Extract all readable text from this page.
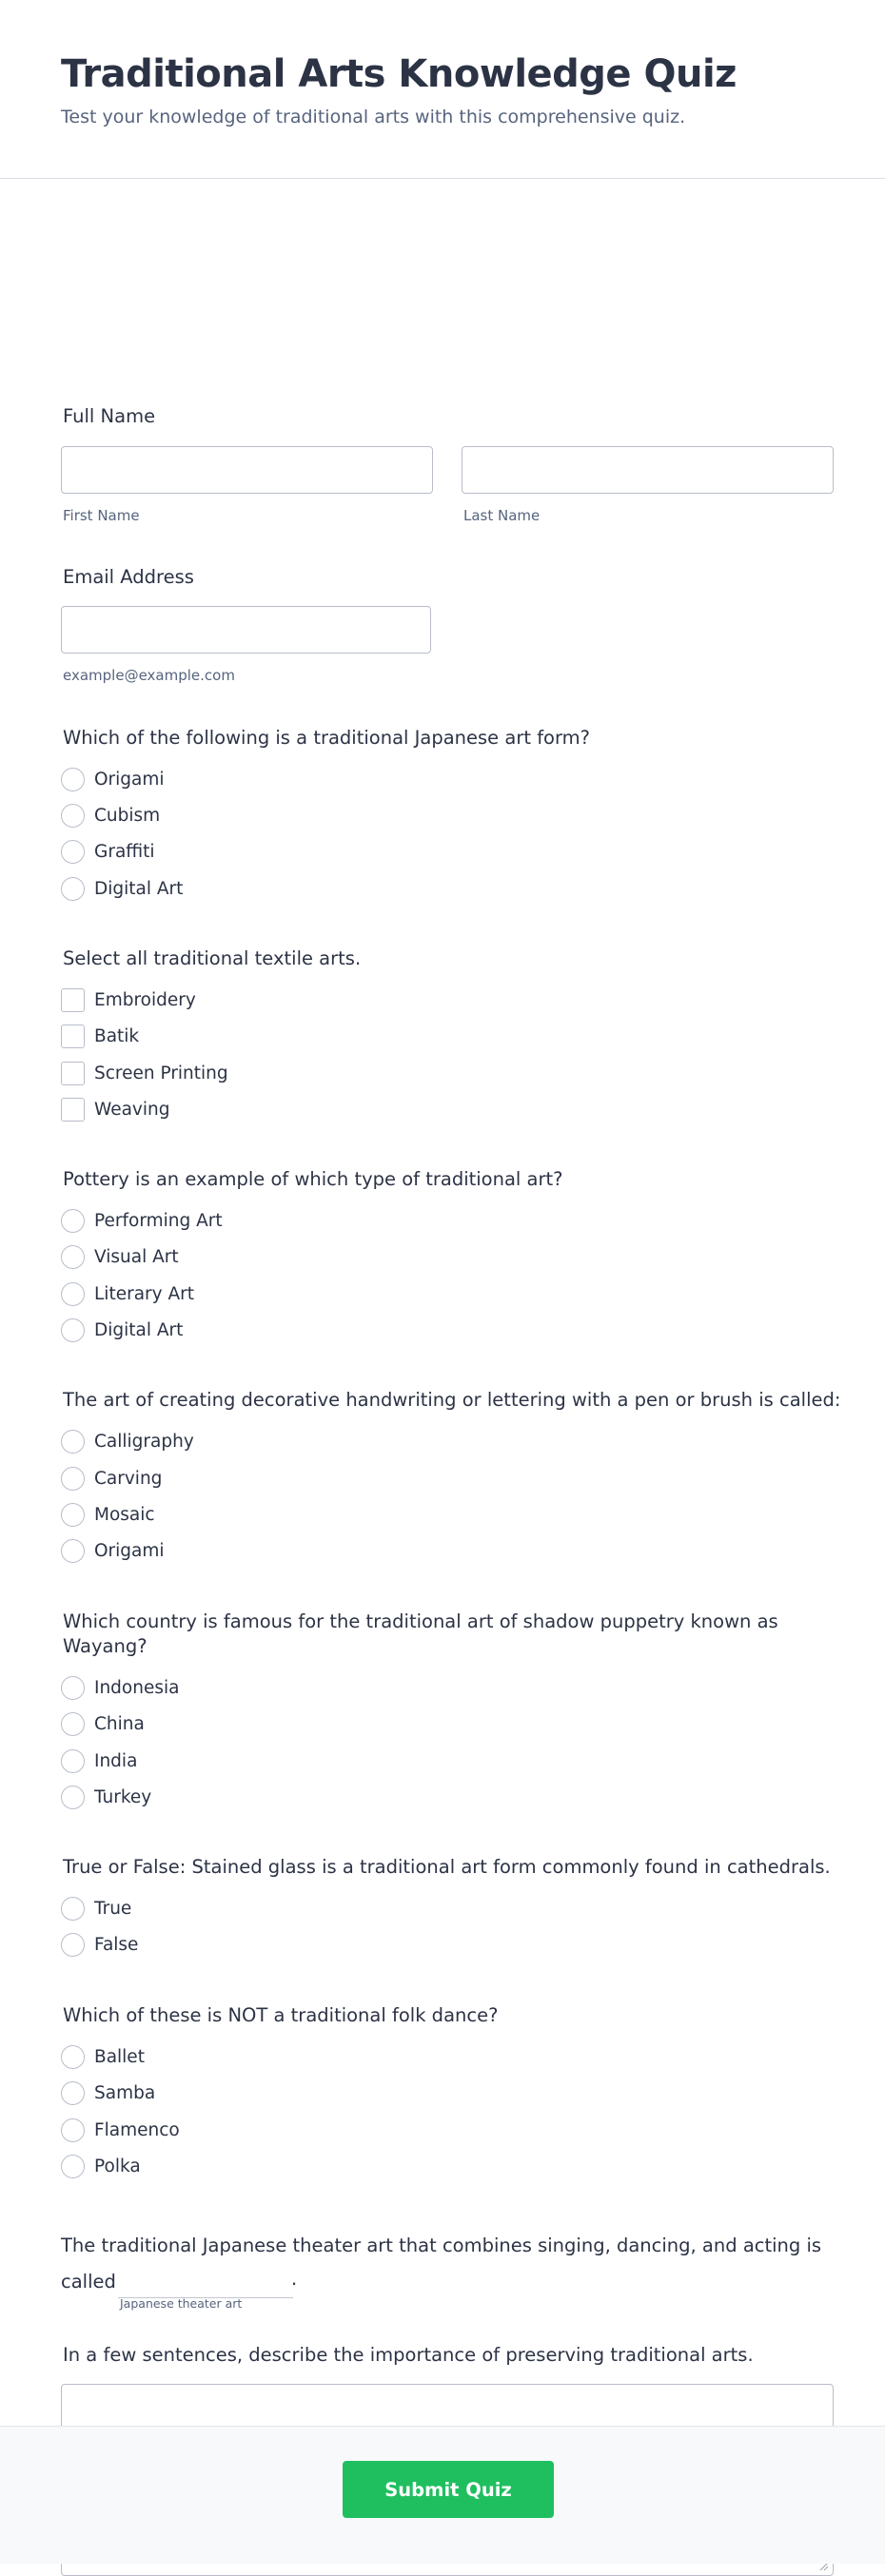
Traditional Arts Knowledge Quiz
Test your knowledge of traditional arts with this comprehensive quiz.
Full Name
First Name	Last Name
Email Address
example@example.com
Which of the following is a traditional Japanese art form?
Origami
Cubism
Graffiti
Digital Art
Select all traditional textile arts.
Embroidery
Batik
Screen Printing
Weaving
Pottery is an example of which type of traditional art?
Performing Art
Visual Art
Literary Art
Digital Art
The art of creating decorative handwriting or lettering with a pen or brush is called:
Calligraphy
Carving
Mosaic
Origami
Which country is famous for the traditional art of shadow puppetry known as Wayang?
Indonesia
China
India
Turkey
True or False: Stained glass is a traditional art form commonly found in cathedrals.
True
False
Which of these is NOT a traditional folk dance?
Ballet
Samba
Flamenco
Polka
The traditional Japanese theater art that combines singing, dancing, and acting is called	.
Japanese theater art
In a few sentences, describe the importance of preserving traditional arts.
Submit Quiz
